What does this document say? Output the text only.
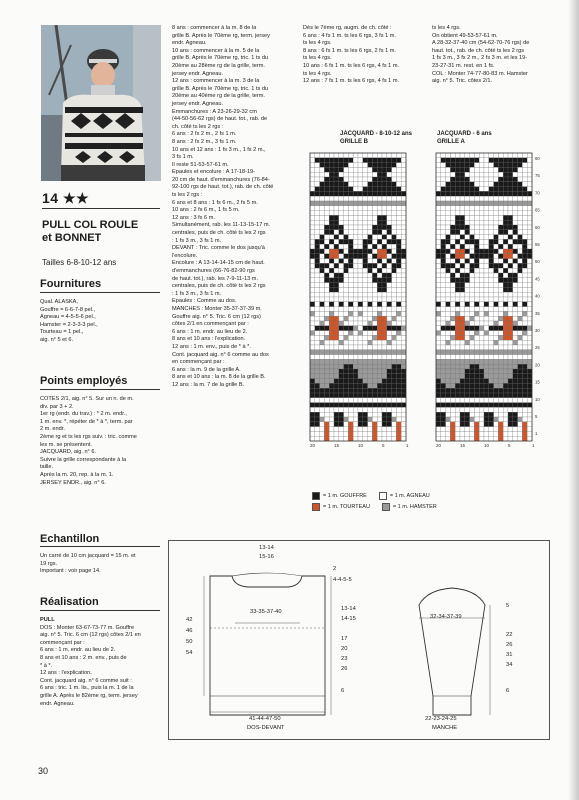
14 ★★
PULL COL ROULE
et BONNET
Tailles 6-8-10-12 ans
Fournitures

Qual. ALASKA,

Gouffre = 6-6-7-8 pel.,

Agneau = 4-5-5-6 pel.,

Hamster = 2-3-3-3 pel.,

Tourteau = 1 pel.,

aig. n° 5 et 6.

Points employés

COTES 2/1, aig. n° 5. Sur un n. de m.

div. par 3 + 2.

1er rg (endr. du trav.) : * 2 m. endr.,

1 m. env. *, répéter de * à *, term. par

2 m. endr.

2ème rg et ts les rgs suiv. : tric. comme

les m. se présentent.

JACQUARD, aig. n° 6.

Suivre la grille correspondante à la

taille.

Après la m. 20, rep. à la m. 1.

JERSEY ENDR., aig. n° 6.

Echantillon

Un carré de 10 cm jacquard = 15 m. et

19 rgs.

Important : voir page 14.

Réalisation

PULL

DOS : Monter 63-67-73-77 m. Gouffre

aig. n° 5. Tric. 6 cm (12 rgs) côtes 2/1 en

commençant par :

6 ans : 1 m. endr. au lieu de 2.

8 ans et 10 ans : 2 m. env., puis de

* à *.

12 ans : l'explication.

Cont. jacquard aig. n° 6 comme suit :

6 ans : tric. 1 m. lis., puis la m. 1 de la

grille A. Après le 82ème rg, term. jersey

endr. Agneau.

8 ans : commencer à la m. 8 de la

grille B. Après le 70ème rg, term. jersey

endr. Agneau.

10 ans : commencer à la m. 5 de la

grille B. Après le 70ème rg, tric. 1 ts du

20ème au 28ème rg de la grille, term.

jersey endr. Agneau.

12 ans : commencer à la m. 3 de la

grille B. Après le 70ème rg, tric. 1 ts du

20ème au 40ème rg de la grille, term.

jersey endr. Agneau.

Emmanchures : A 23-26-29-32 cm

(44-50-56-62 rgs) de haut. tot., rab. de

ch. côté ts les 2 rgs :

6 ans : 2 fs 2 m., 2 fs 1 m.

8 ans : 2 fs 2 m., 3 fs 1 m.

10 ans et 12 ans : 1 fs 3 m., 1 fs 2 m.,

3 fs 1 m.

Il reste 51-53-57-61 m.

Epaules et encolure : A 17-18-19-

20 cm de haut. d'emmanchures (76-84-

92-100 rgs de haut. tot.), rab. de ch. côté

ts les 2 rgs :

6 ans et 8 ans : 1 fs 6 m., 2 fs 5 m.

10 ans : 2 fs 6 m., 1 fs 5 m.

12 ans : 3 fs 6 m.

Simultanément, rab. les 11-13-15-17 m.

centrales, puis de ch. côté ts les 2 rgs

: 1 fs 3 m., 3 fs 1 m.

DEVANT : Tric. comme le dos jusqu'à

l'encolure.

Encolure : A 13-14-14-15 cm de haut.

d'emmanchures (66-76-82-90 rgs

de haut. tot.), rab. les 7-9-11-13 m.

centrales, puis de ch. côté ts les 2 rgs

: 1 fs 3 m., 3 fs 1 m.

Epaules : Comme au dos.

MANCHES : Monter 35-37-37-39 m.

Gouffre aig. n° 5. Tric. 6 cm (12 rgs)

côtes 2/1 en commençant par :

6 ans : 1 m. endr. au lieu de 2.

8 ans et 10 ans : l'explication.

12 ans : 1 m. env., puis de * à *.

Cont. jacquard aig. n° 6 comme au dos

en commençant par :

6 ans : la m. 9 de la grille A.

8 ans et 10 ans : la m. 8 de la grille B.

12 ans : la m. 7 de la grille B.

Dès le 7ème rg, augm. de ch. côté :

6 ans : 4 fs 1 m. ts les 6 rgs, 3 fs 1 m.

ts les 4 rgs.

8 ans : 6 fs 1 m. ts les 6 rgs, 2 fs 1 m.

ts les 4 rgs.

10 ans : 6 fs 1 m. ts les 6 rgs, 4 fs 1 m.

ts les 4 rgs.

12 ans : 7 fs 1 m. ts les 6 rgs, 4 fs 1 m.

ts les 4 rgs.

On obtient 49-53-57-61 m.

A 28-32-37-40 cm (54-62-70-76 rgs) de

haut. tot., rab. de ch. côté ts les 2 rgs

1 fs 3 m., 3 fs 2 m., 2 fs 3 m. et les 19-

23-27-31 m. rest. en 1 fs.

COL : Monter 74-77-80-83 m. Hamster

aig. n° 5. Tric. côtes 2/1.

JACQUARD - 8-10-12 ans
GRILLE B
JACQUARD - 6 ans
GRILLE A
20	15	10	5	1	20	15	10	5	1
80
75
70
65
60
55
50
45
40
35
30
25
20
15
10
5
1
= 1 m. GOUFFRE	= 1 m. AGNEAU
= 1 m. TOURTEAU	= 1 m. HAMSTER
13-14
15-16
2
4-4-5-5
33-35-37-40
42
46
50
54
13-14
14-15
17
20
23
26
6
41-44-47-50
DOS-DEVANT
32-34-37-39
5
22
26
31
34
6
22-23-24-25
MANCHE
30
